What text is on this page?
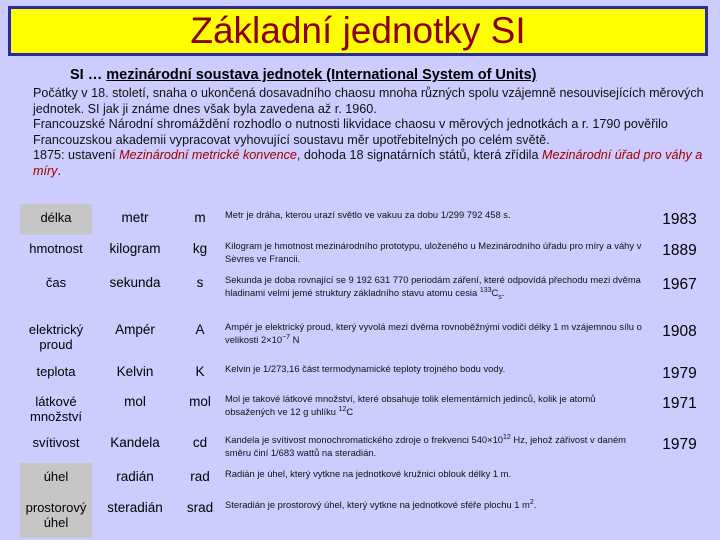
Základní jednotky SI
SI … mezinárodní soustava jednotek (International System of Units)
Počátky v 18. století, snaha o ukončená dosavadního chaosu mnoha různých spolu vzájemně nesouvisejících měrových jednotek. SI jak ji známe dnes však byla zavedena až r. 1960.
Francouzské Národní shromáždění rozhodlo o nutnosti likvidace chaosu v měrových jednotkách a r. 1790 pověřilo Francouzskou akademii vypracovat vyhovující soustavu měr upotřebitelných po celém světě.
1875: ustavení Mezinárodní metrické konvence, dohoda 18 signatárních států, která zřídila Mezinárodní úřad pro váhy a míry.
délka	metr	m	Metr je dráha, kterou urazí světlo ve vakuu za dobu 1/299 792 458 s.	1983
hmotnost	kilogram	kg	Kilogram je hmotnost mezinárodního prototypu, uloženého u Mezinárodního úřadu pro míry a váhy v Sèvres ve Francii.	1889
čas	sekunda	s	Sekunda je doba rovnající se 9 192 631 770 periodám záření, které odpovídá přechodu mezi dvěma hladinami velmi jemé struktury základního stavu atomu cesia $^{133}C_s$.	1967
elektrický proud	Ampér	A	Ampér je elektrický proud, který vyvolá mezi dvěma rovnoběžnými vodiči délky 1 m vzájemnou sílu o velikosti $2\times 10^{-7}$ N	1908
teplota	Kelvin	K	Kelvin je 1/273,16 část termodynamické teploty trojného bodu vody.	1979
látkové množství	mol	mol	Mol je takové látkové množství, které obsahuje tolik elementárních jedinců, kolik je atomů obsažených ve 12 g uhlíku $^{12}$C	1971
svítivost	Kandela	cd	Kandela je svítivost monochromatického zdroje o frekvenci $540\times 10^{12}$ Hz, jehož zářivost v daném směru činí 1/683 wattů na steradián.	1979
úhel	radián	rad	Radián je úhel, který vytkne na jednotkové kružnici oblouk délky 1 m.	
prostorový úhel	steradián	srad	Steradián je prostorový úhel, který vytkne na jednotkové sféře plochu 1 $m^2$.	
